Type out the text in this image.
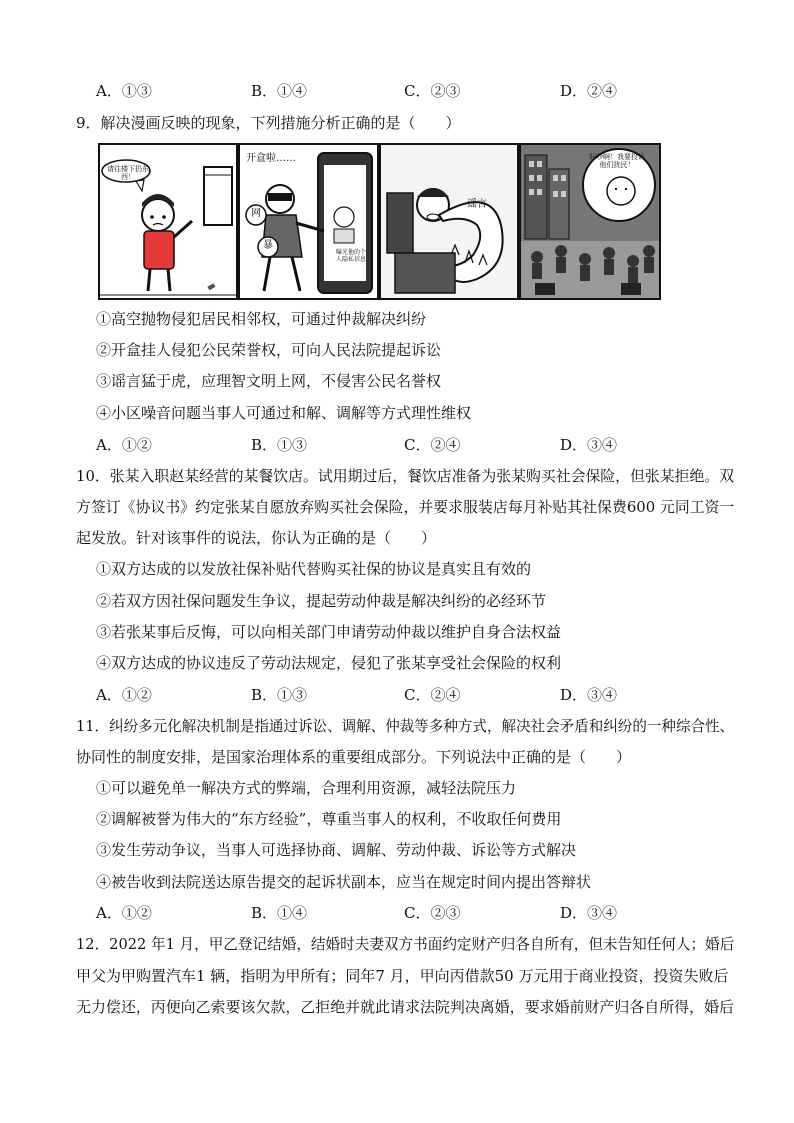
A．①③	B．①④	C．②③	D．②④
9．解决漫画反映的现象，下列措施分析正确的是（　　）
请往楼下扔东西！
开盒啦……
网
暴
曝光他的个人隐私信息
谣言
好吵啊！我要投诉他们扰民！
①高空抛物侵犯居民相邻权，可通过仲裁解决纠纷
②开盒挂人侵犯公民荣誉权，可向人民法院提起诉讼
③谣言猛于虎，应理智文明上网，不侵害公民名誉权
④小区噪音问题当事人可通过和解、调解等方式理性维权
A．①②	B．①③	C．②④	D．③④
10．张某入职赵某经营的某餐饮店。试用期过后，餐饮店准备为张某购买社会保险，但张某拒绝。双
方签订《协议书》约定张某自愿放弃购买社会保险，并要求服装店每月补贴其社保费600 元同工资一
起发放。针对该事件的说法，你认为正确的是（　　）
①双方达成的以发放社保补贴代替购买社保的协议是真实且有效的
②若双方因社保问题发生争议，提起劳动仲裁是解决纠纷的必经环节
③若张某事后反悔，可以向相关部门申请劳动仲裁以维护自身合法权益
④双方达成的协议违反了劳动法规定，侵犯了张某享受社会保险的权利
A．①②	B．①③	C．②④	D．③④
11．纠纷多元化解决机制是指通过诉讼、调解、仲裁等多种方式，解决社会矛盾和纠纷的一种综合性、
协同性的制度安排，是国家治理体系的重要组成部分。下列说法中正确的是（　　）
①可以避免单一解决方式的弊端，合理利用资源，减轻法院压力
②调解被誉为伟大的“东方经验”，尊重当事人的权利，不收取任何费用
③发生劳动争议，当事人可选择协商、调解、劳动仲裁、诉讼等方式解决
④被告收到法院送达原告提交的起诉状副本，应当在规定时间内提出答辩状
A．①②	B．①④	C．②③	D．③④
12．2022 年1 月，甲乙登记结婚，结婚时夫妻双方书面约定财产归各自所有，但未告知任何人；婚后
甲父为甲购置汽车1 辆，指明为甲所有；同年7 月，甲向丙借款50 万元用于商业投资，投资失败后
无力偿还，丙便向乙索要该欠款，乙拒绝并就此请求法院判决离婚，要求婚前财产归各自所得，婚后
